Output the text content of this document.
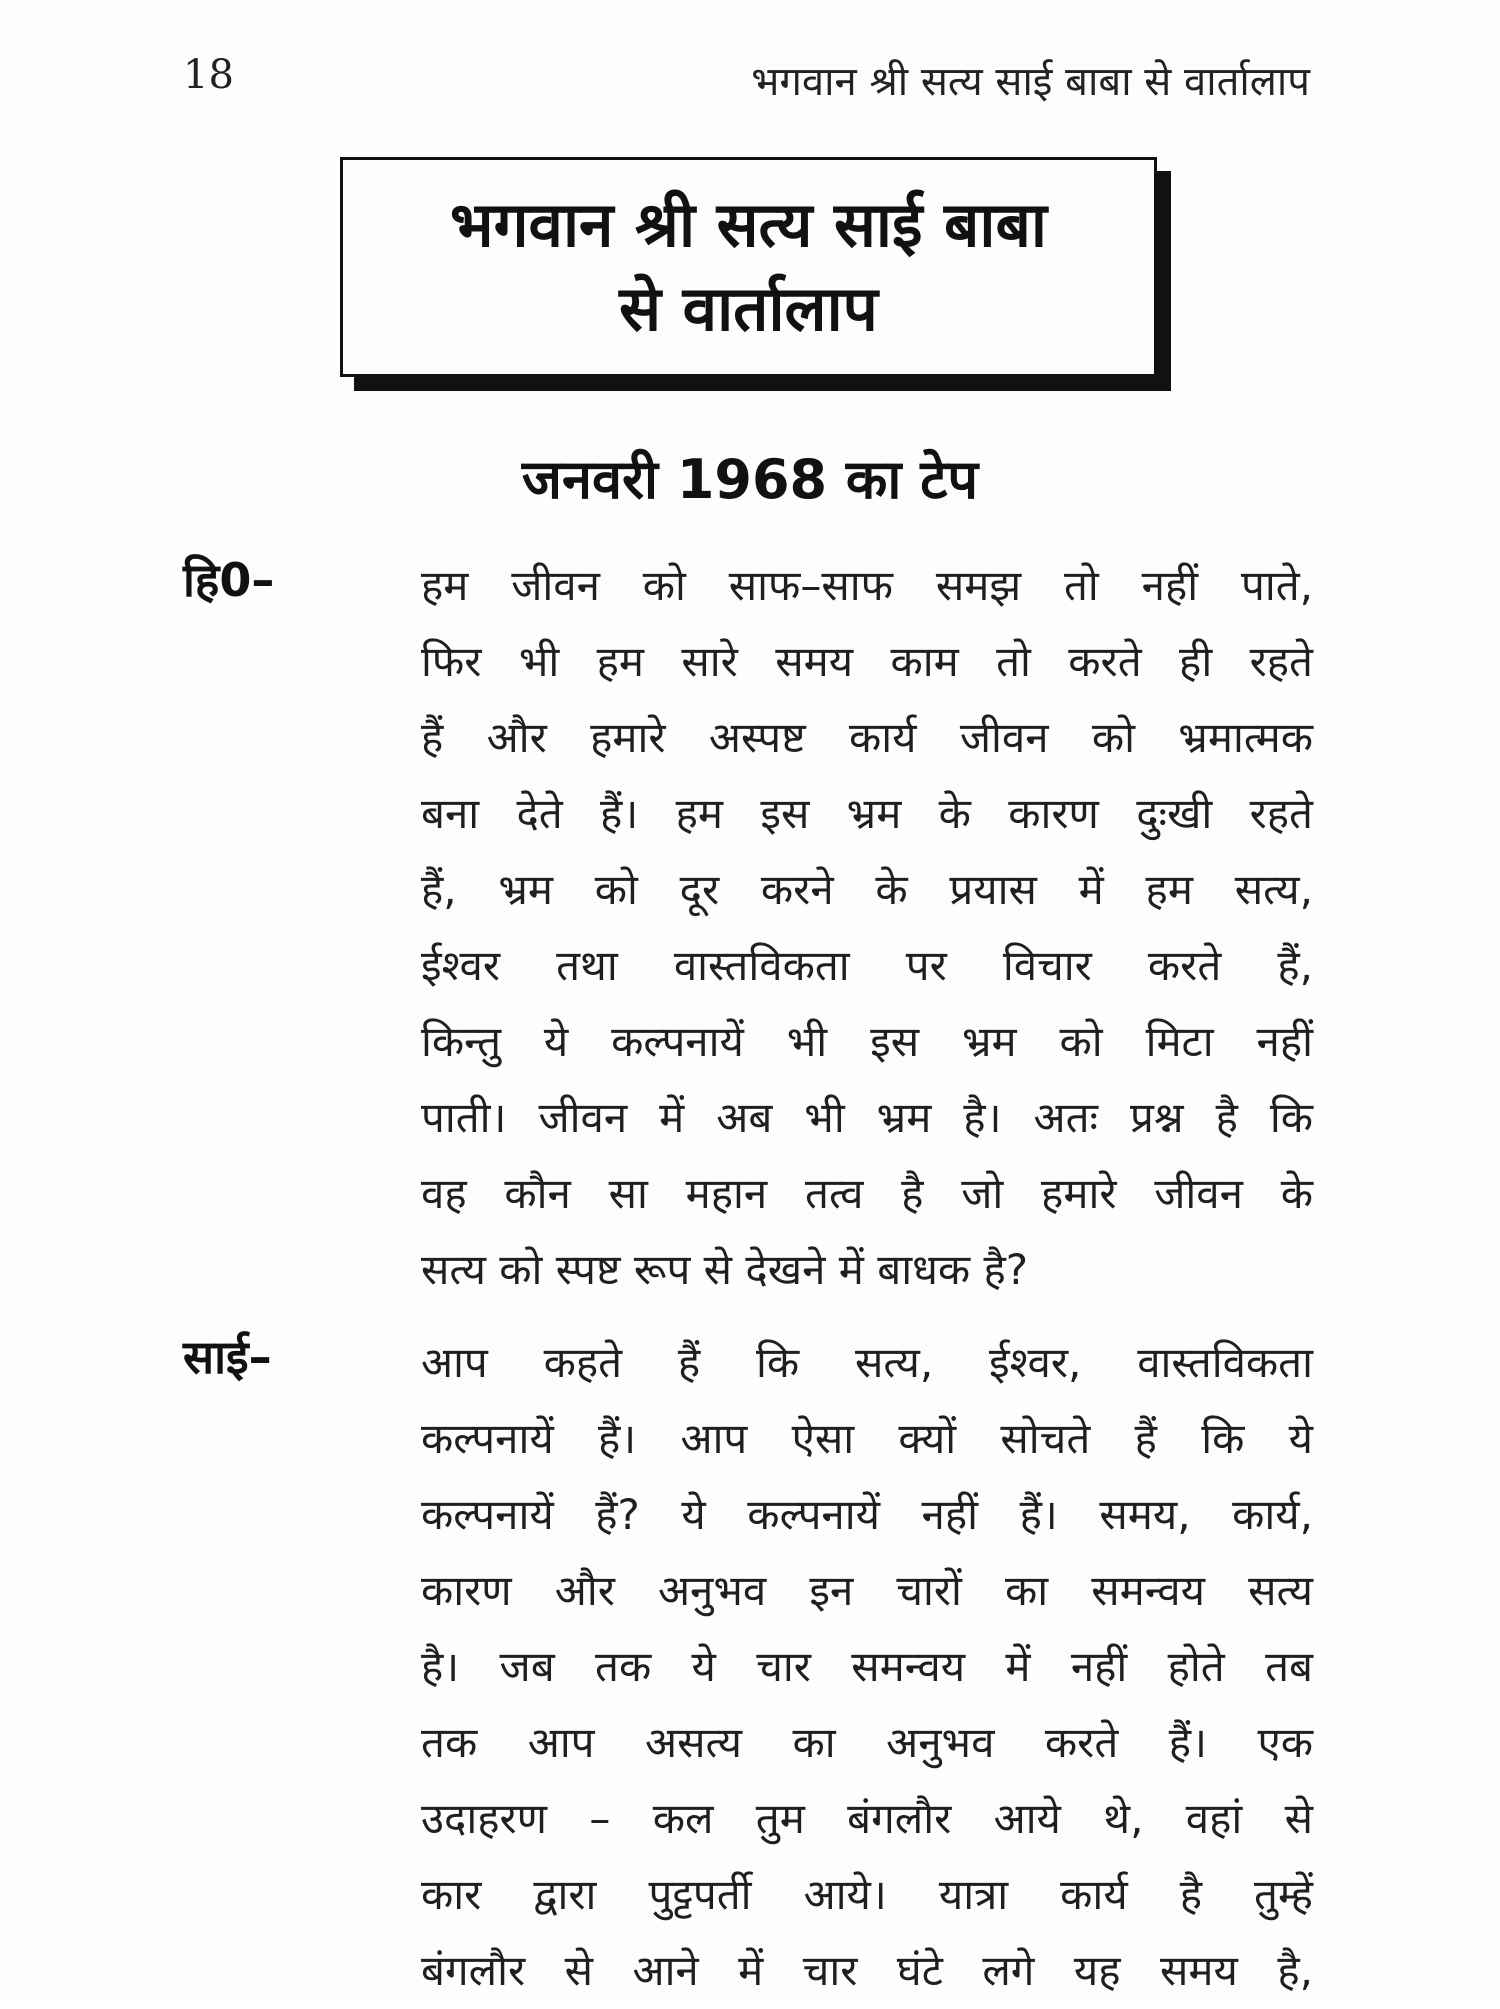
18	भगवान श्री सत्य साई बाबा से वार्तालाप
भगवान श्री सत्य साई बाबा
से वार्तालाप
जनवरी 1968 का टेप
हि0–	हम जीवन को साफ–साफ समझ तो नहीं पाते,
फिर भी हम सारे समय काम तो करते ही रहते
हैं और हमारे अस्पष्ट कार्य जीवन को भ्रमात्मक
बना देते हैं। हम इस भ्रम के कारण दुःखी रहते
हैं, भ्रम को दूर करने के प्रयास में हम सत्य,
ईश्वर तथा वास्तविकता पर विचार करते हैं,
किन्तु ये कल्पनायें भी इस भ्रम को मिटा नहीं
पाती। जीवन में अब भी भ्रम है। अतः प्रश्न है कि
वह कौन सा महान तत्व है जो हमारे जीवन के
सत्य को स्पष्ट रूप से देखने में बाधक है?
साई–	आप कहते हैं कि सत्य, ईश्वर, वास्तविकता
कल्पनायें हैं। आप ऐसा क्यों सोचते हैं कि ये
कल्पनायें हैं? ये कल्पनायें नहीं हैं। समय, कार्य,
कारण और अनुभव इन चारों का समन्वय सत्य
है। जब तक ये चार समन्वय में नहीं होते तब
तक आप असत्य का अनुभव करते हैं। एक
उदाहरण – कल तुम बंगलौर आये थे, वहां से
कार द्वारा पुट्टपर्ती आये। यात्रा कार्य है तुम्हें
बंगलौर से आने में चार घंटे लगे यह समय है,
